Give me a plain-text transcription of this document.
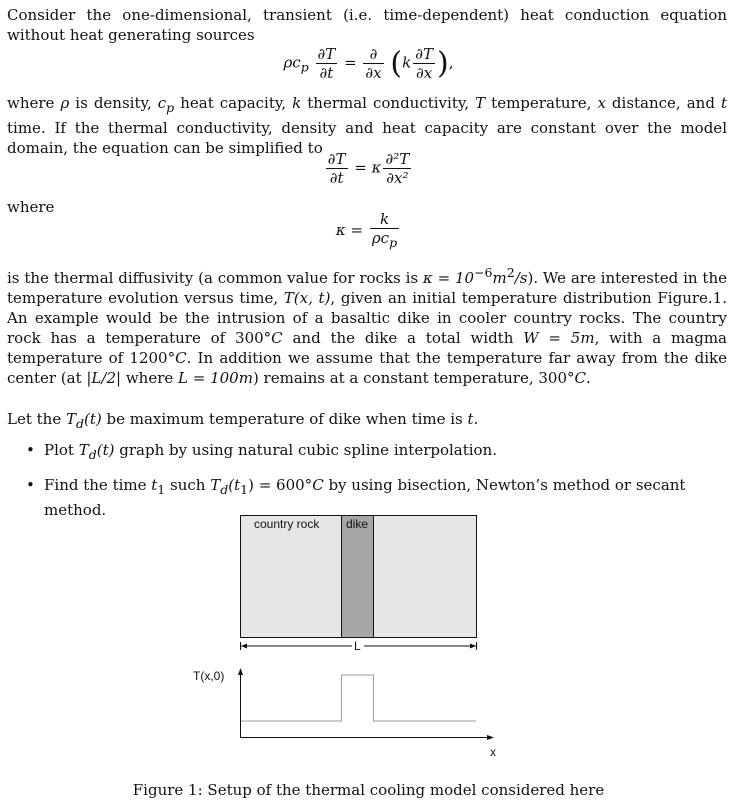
Consider the one-dimensional, transient (i.e. time-dependent) heat conduction equation without heat generating sources
$\rho c_p \frac{\partial T}{\partial t} = \frac{\partial}{\partial x} (k \frac{\partial T}{\partial x}$ ),
where ρ is density, $c_p$ heat capacity, k thermal conductivity, T temperature, x distance, and t time. If the thermal conductivity, density and heat capacity are constant over the model domain, the equation can be simplified to
$\frac{\partial T}{\partial t} = \kappa \frac{\text{∂²T}}{\text{∂x²}}$
where
$\kappa = \frac{k}{\rho c_p}$
is the thermal diffusivity (a common value for rocks is $\kappa = 10^{-6}m^2/s$). We are interested in the temperature evolution versus time, T(x, t), given an initial temperature distribution Figure.1. An example would be the intrusion of a basaltic dike in cooler country rocks. The country rock has a temperature of 300°C and the dike a total width W = 5m, with a magma temperature of 1200°C. In addition we assume that the temperature far away from the dike center (at |L/2| where L = 100m) remains at a constant temperature, 300°C.
Let the $T_d(t)$ be maximum temperature of dike when time is t.
• Plot $T_d(t)$ graph by using natural cubic spline interpolation.
• Find the time $t_1$ such $T_d(t_1) = 600^\circ C$ by using bisection, Newton’s method or secant method.
country rock dike
L
T(x,0)
x
Figure 1: Setup of the thermal cooling model considered here
